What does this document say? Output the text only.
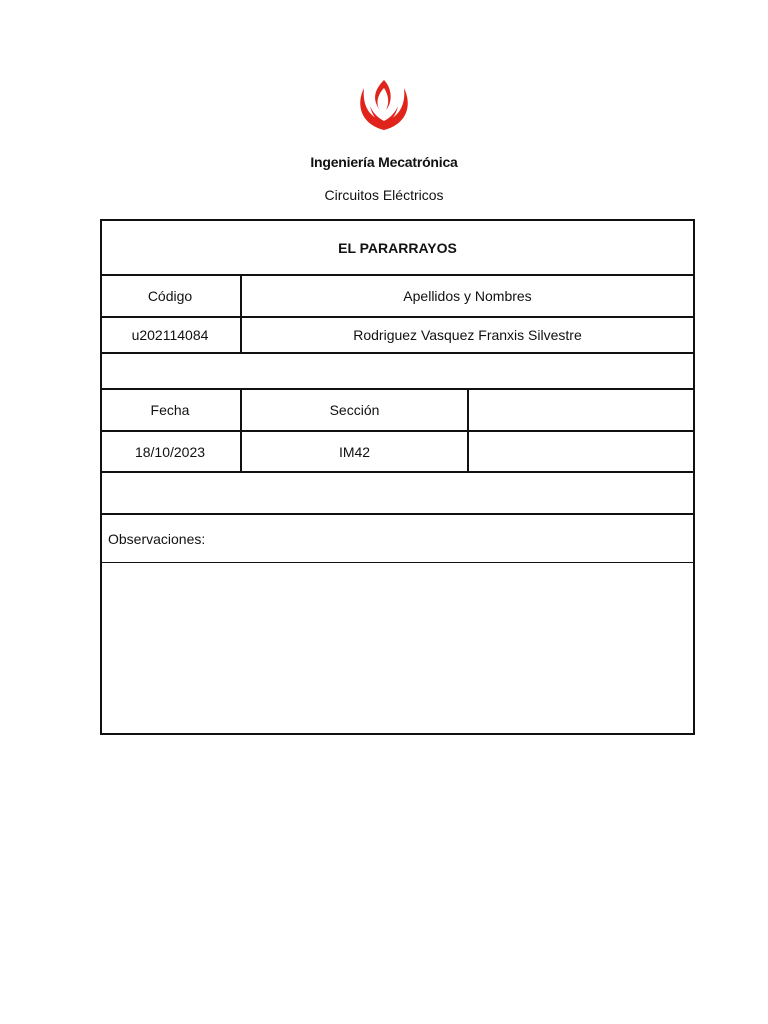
Ingeniería Mecatrónica
Circuitos Eléctricos
EL PARARRAYOS
Código	Apellidos y Nombres
u202114084	Rodriguez Vasquez Franxis Silvestre
Fecha	Sección
18/10/2023	IM42
Observaciones:
